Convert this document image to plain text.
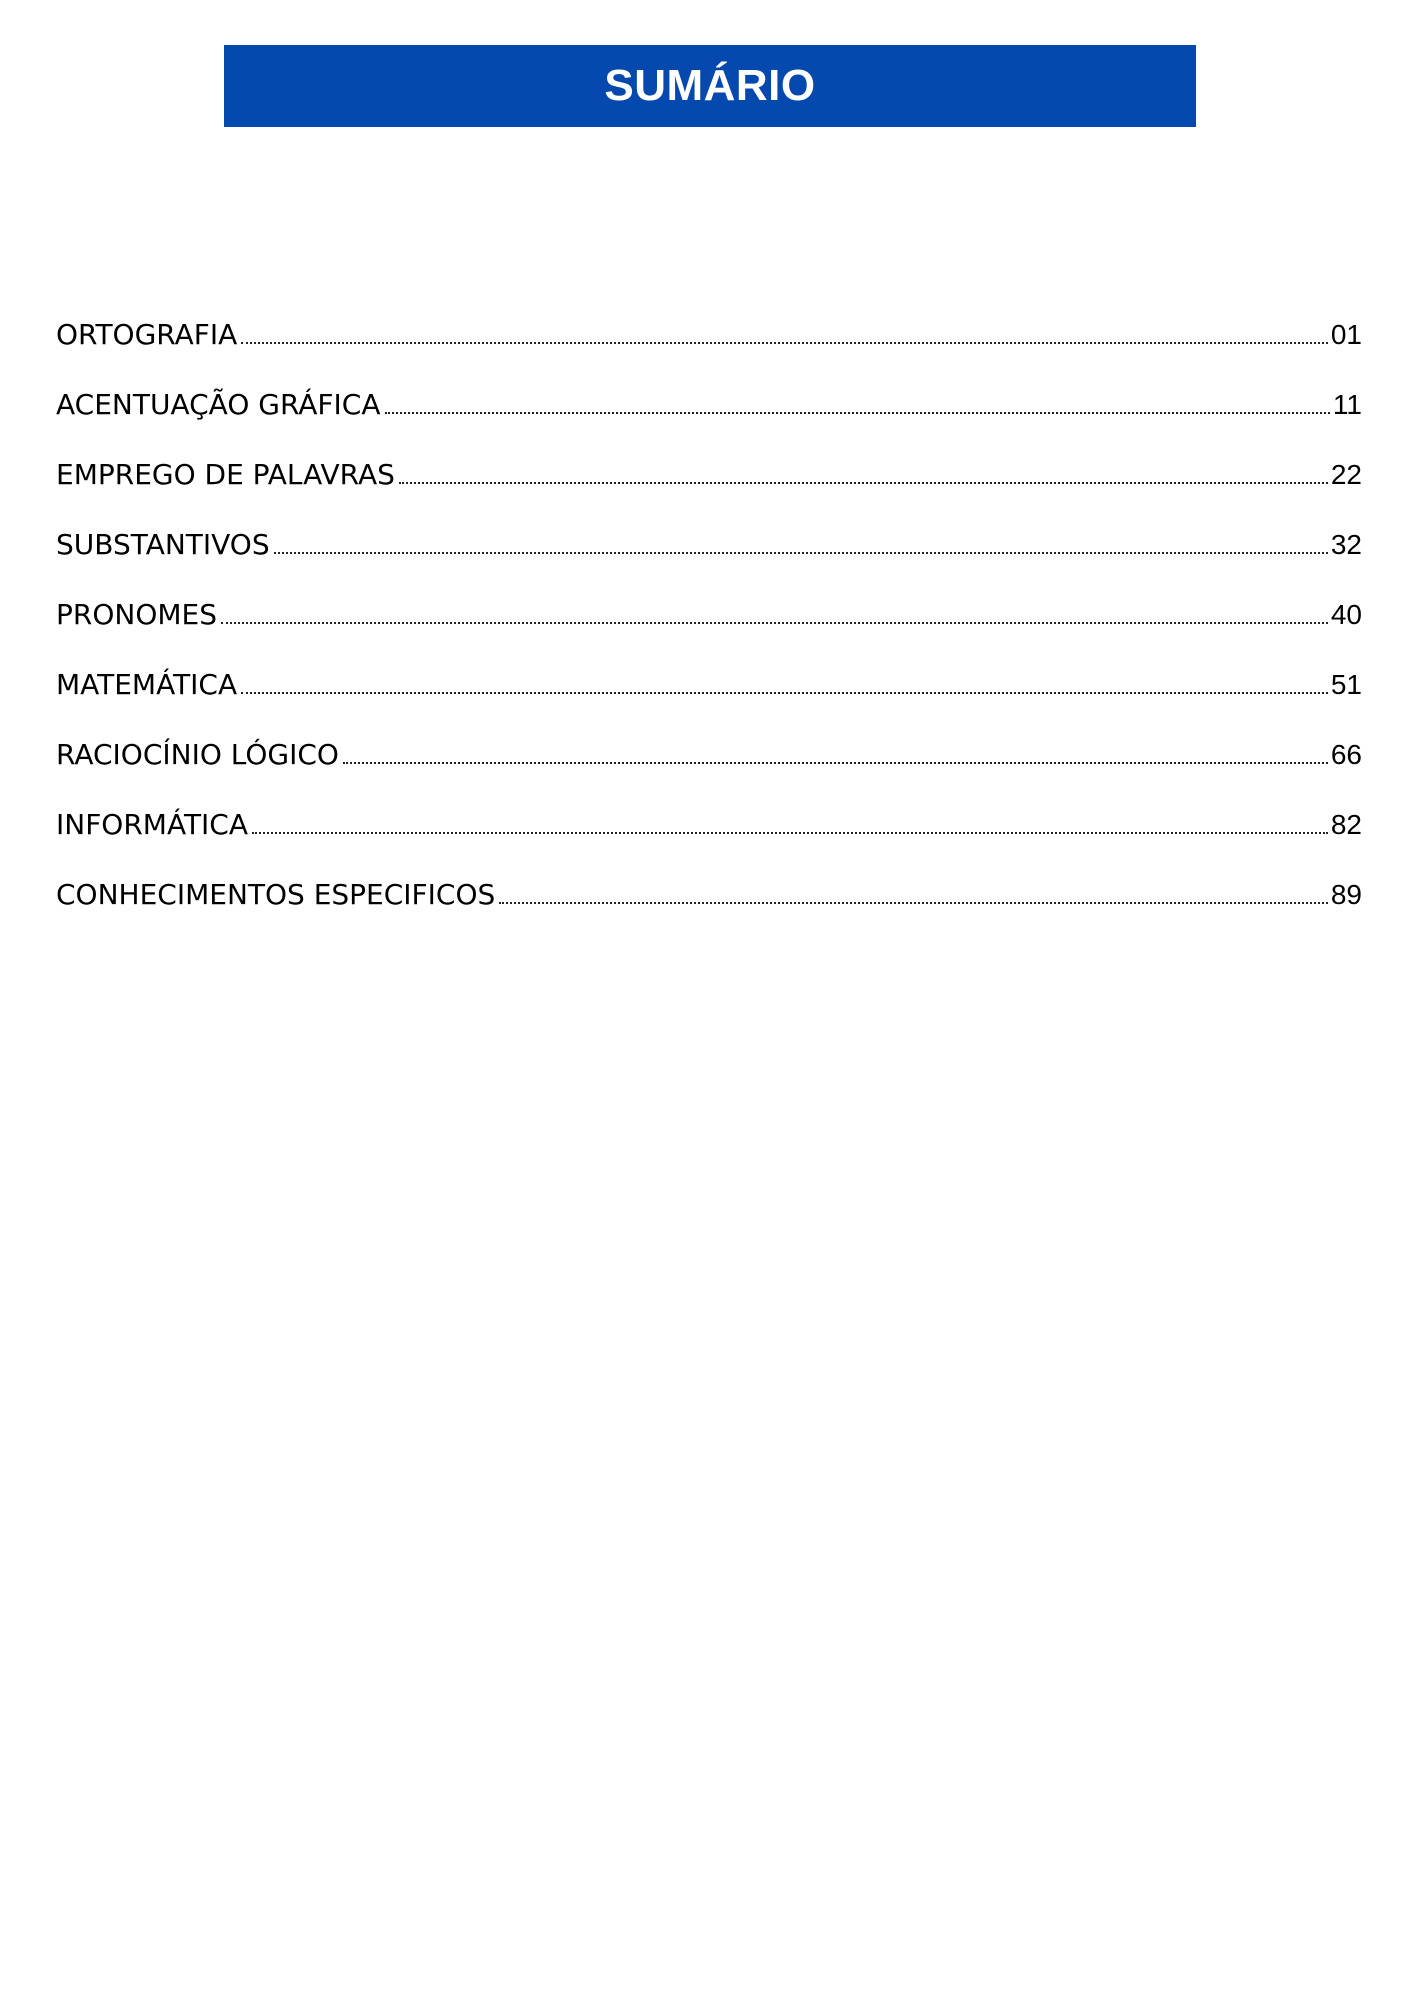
SUMÁRIO
ORTOGRAFIA	01
ACENTUAÇÃO GRÁFICA	11
EMPREGO DE PALAVRAS	22
SUBSTANTIVOS	32
PRONOMES	40
MATEMÁTICA	51
RACIOCÍNIO LÓGICO	66
INFORMÁTICA	82
CONHECIMENTOS ESPECIFICOS	89
